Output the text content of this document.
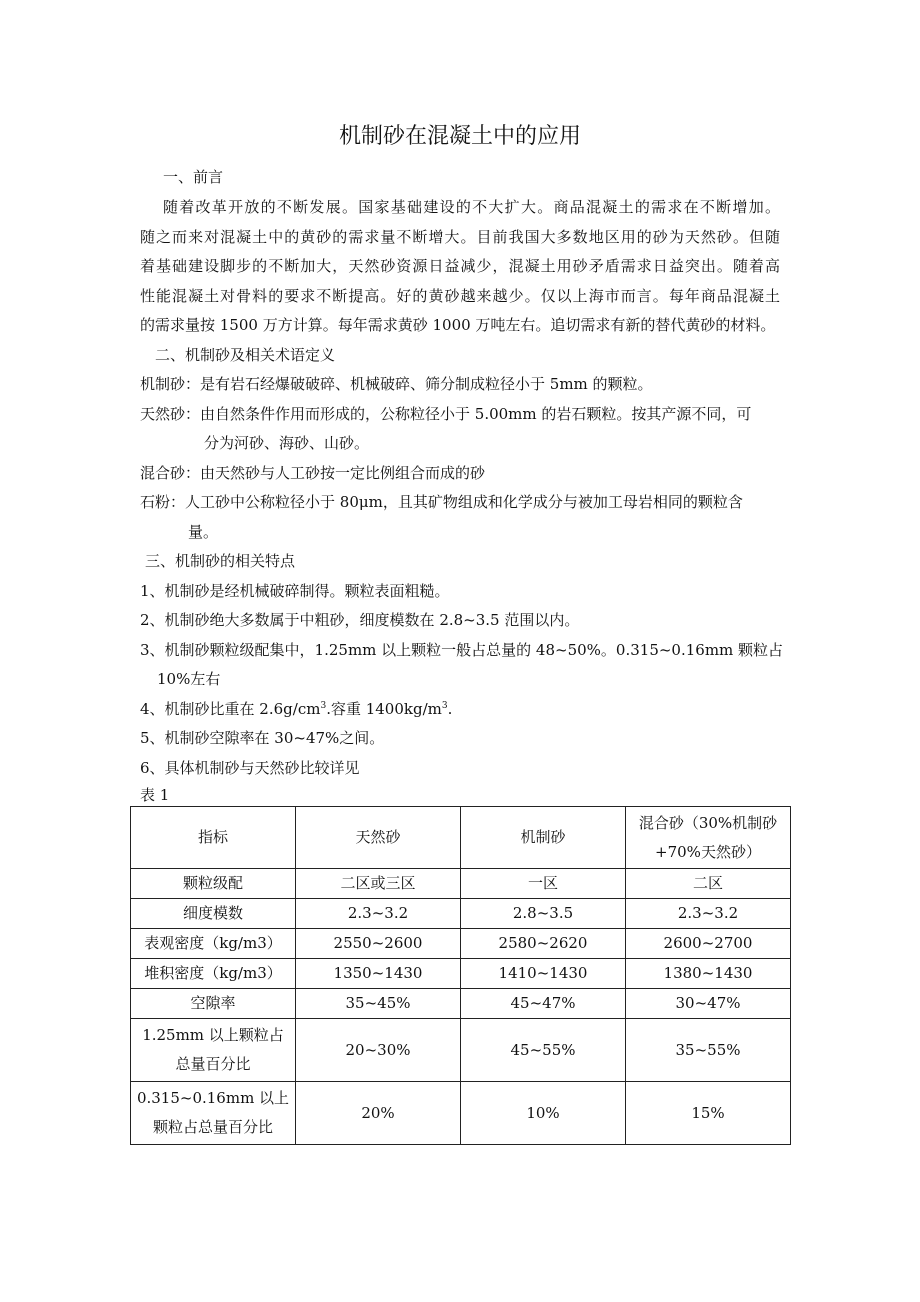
机制砂在混凝土中的应用
一、前言
随着改革开放的不断发展。国家基础建设的不大扩大。商品混凝土的需求在不断增加。
随之而来对混凝土中的黄砂的需求量不断增大。目前我国大多数地区用的砂为天然砂。但随
着基础建设脚步的不断加大，天然砂资源日益减少，混凝土用砂矛盾需求日益突出。随着高
性能混凝土对骨料的要求不断提高。好的黄砂越来越少。仅以上海市而言。每年商品混凝土
的需求量按 1500 万方计算。每年需求黄砂 1000 万吨左右。追切需求有新的替代黄砂的材料。
二、机制砂及相关术语定义
机制砂：是有岩石经爆破破碎、机械破碎、筛分制成粒径小于 5mm 的颗粒。
天然砂：由自然条件作用而形成的，公称粒径小于 5.00mm 的岩石颗粒。按其产源不同，可
分为河砂、海砂、山砂。
混合砂：由天然砂与人工砂按一定比例组合而成的砂
石粉：人工砂中公称粒径小于 80μm，且其矿物组成和化学成分与被加工母岩相同的颗粒含
量。
三、机制砂的相关特点
1、机制砂是经机械破碎制得。颗粒表面粗糙。
2、机制砂绝大多数属于中粗砂，细度模数在 2.8~3.5 范围以内。
3、机制砂颗粒级配集中，1.25mm 以上颗粒一般占总量的 48~50%。0.315~0.16mm 颗粒占
10%左右
4、机制砂比重在 $2.6g/cm^3$.容重 $1400kg/m^3$.
5、机制砂空隙率在 30~47%之间。
6、具体机制砂与天然砂比较详见
表 1
指标	天然砂	机制砂	混合砂（30%机制砂+70%天然砂）
颗粒级配	二区或三区	一区	二区
细度模数	2.3~3.2	2.8~3.5	2.3~3.2
表观密度（kg/m3）	2550~2600	2580~2620	2600~2700
堆积密度（kg/m3）	1350~1430	1410~1430	1380~1430
空隙率	35~45%	45~47%	30~47%
1.25mm 以上颗粒占总量百分比	20~30%	45~55%	35~55%
0.315~0.16mm 以上颗粒占总量百分比	20%	10%	15%
